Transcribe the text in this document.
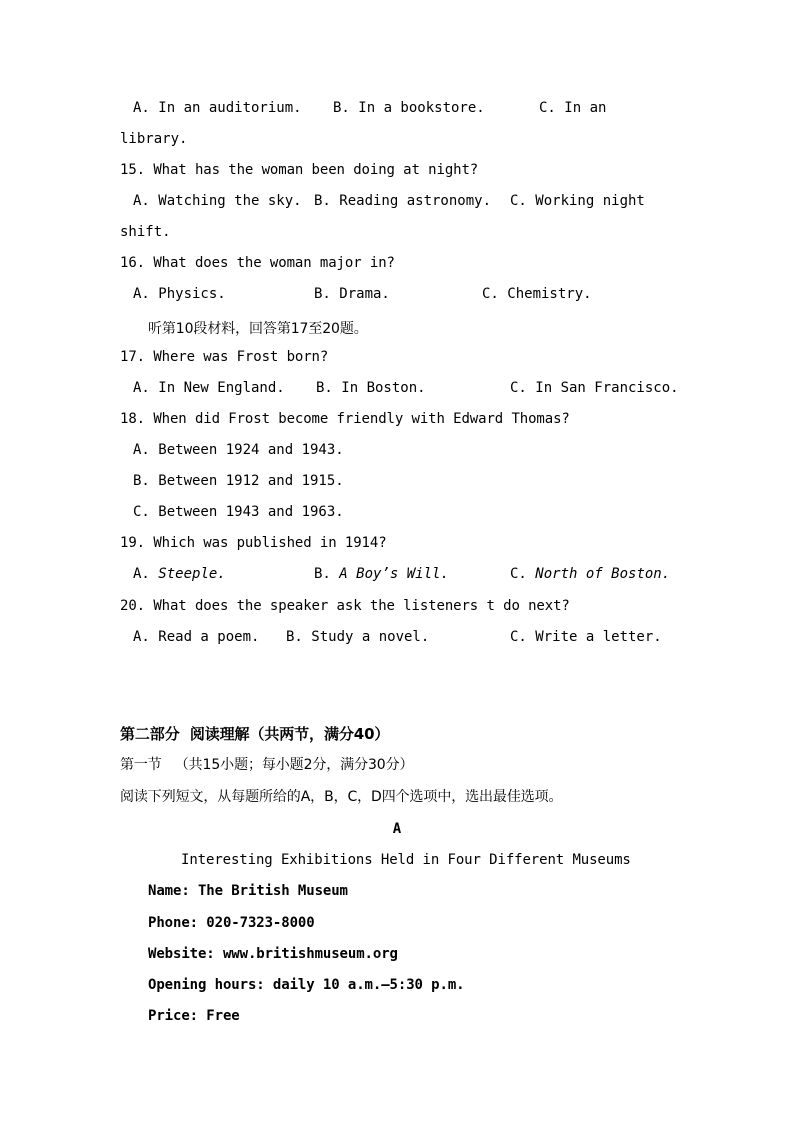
A. In an auditorium. B. In a bookstore.	C. In an
library.
15. What has the woman been doing at night?
A. Watching the sky. B. Reading astronomy. C. Working night
shift.
16. What does the woman major in?
A. Physics.	B. Drama.	C. Chemistry.
听第10段材料，回答第17至20题。
17. Where was Frost born?
A. In New England. B. In Boston.	C. In San Francisco.
18. When did Frost become friendly with Edward Thomas?
A. Between 1924 and 1943.
B. Between 1912 and 1915.
C. Between 1943 and 1963.
19. Which was published in 1914?
A. Steeple.	B. A Boy’s Will.	C. North of Boston.
20. What does the speaker ask the listeners t do next?
A. Read a poem. B. Study a novel.	C. Write a letter.
第二部分  阅读理解（共两节，满分40）
第一节   （共15小题；每小题2分，满分30分）
阅读下列短文，从每题所给的A，B，C，D四个选项中，选出最佳选项。
A
Interesting Exhibitions Held in Four Different Museums
Name: The British Museum
Phone: 020-7323-8000
Website: www.britishmuseum.org
Opening hours: daily 10 a.m.—5:30 p.m.
Price: Free
